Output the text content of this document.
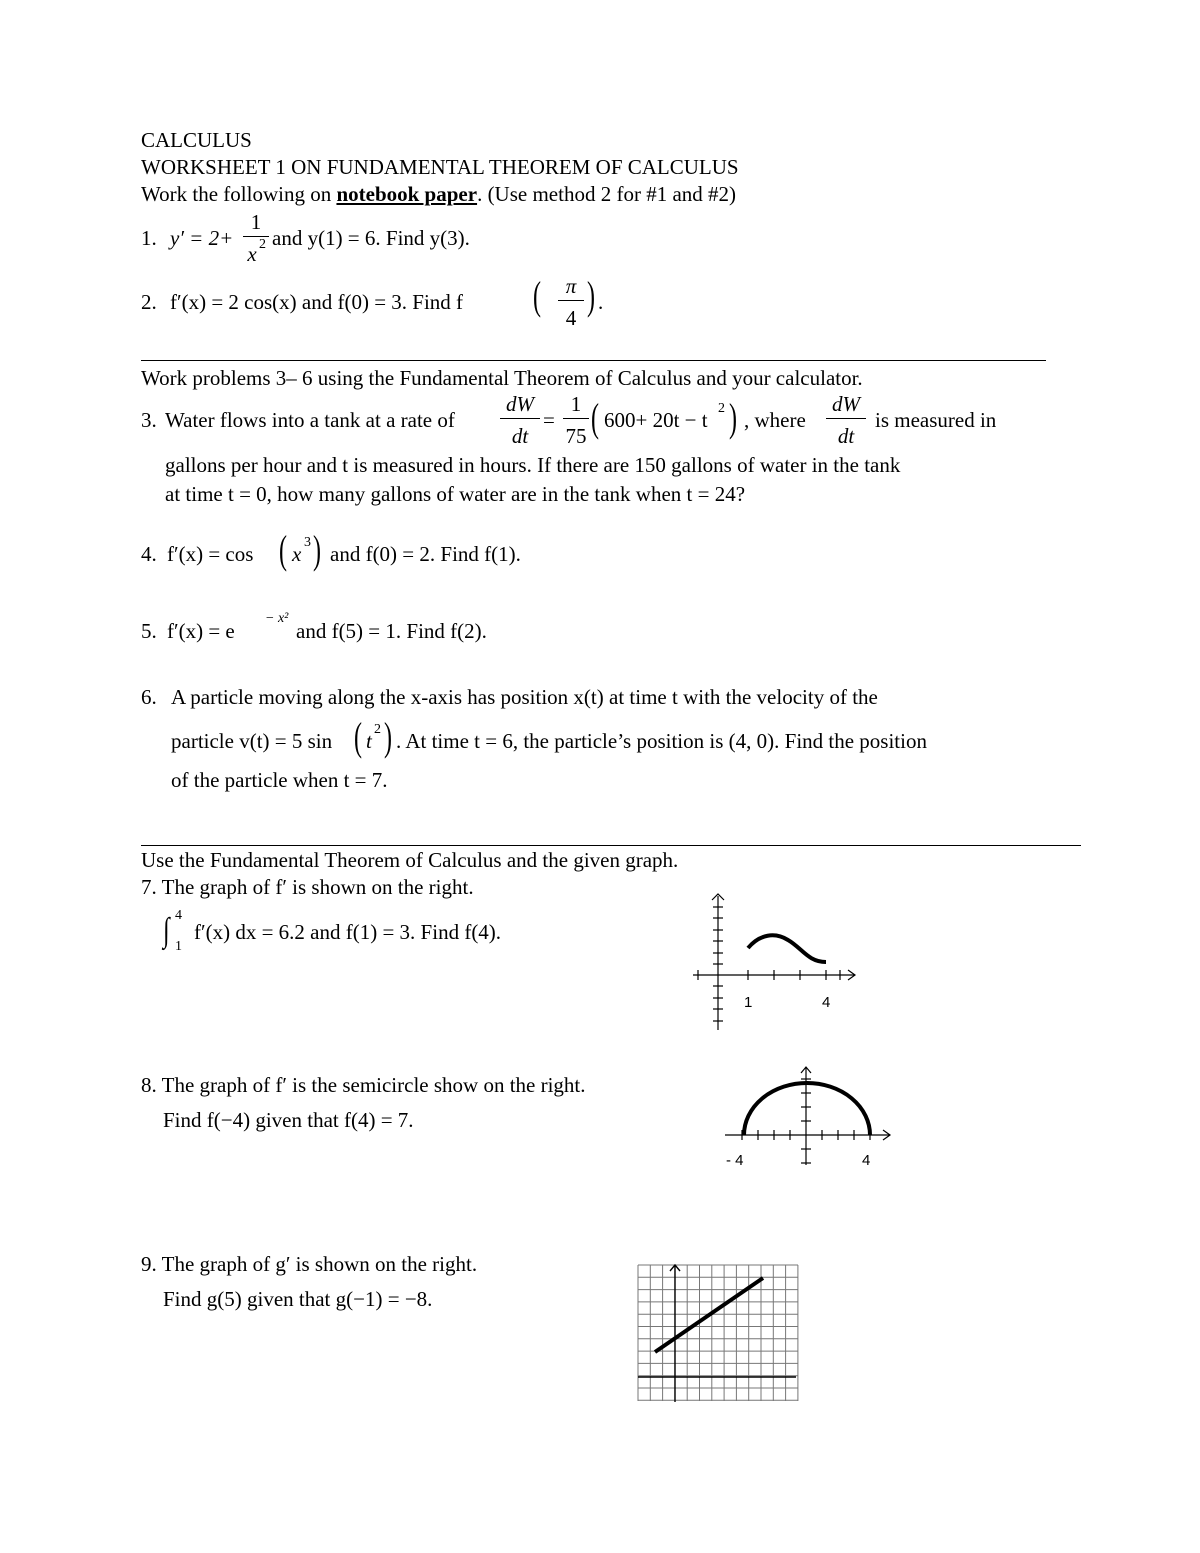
CALCULUS
WORKSHEET 1 ON FUNDAMENTAL THEOREM OF CALCULUS
Work the following on notebook paper. (Use method 2 for #1 and #2)
1. y′ = 2+
1
x 2 and y(1) = 6. Find y(3).
2. f′(x) = 2 cos(x) and f(0) = 3. Find f (	π
4 ) .
Work problems 3– 6 using the Fundamental Theorem of Calculus and your calculator.
3. Water flows into a tank at a rate of
dW
dt
=
1
75 ( 600+ 20t − t 2 ) , where
dW
dt
is measured in
gallons per hour and t is measured in hours. If there are 150 gallons of water in the tank
at time t = 0, how many gallons of water are in the tank when t = 24?
4. f′(x) = cos ( x 3 ) and f(0) = 2. Find f(1).
5. f′(x) = e
− x²
and f(5) = 1. Find f(2).
6. A particle moving along the x-axis has position x(t) at time t with the velocity of the
particle v(t) = 5 sin ( t 2 ) . At time t = 6, the particle’s position is (4, 0). Find the position
of the particle when t = 7.
Use the Fundamental Theorem of Calculus and the given graph.
7. The graph of f′ is shown on the right.
∫ 4
1
f′(x) dx = 6.2 and f(1) = 3. Find f(4).
1	4
8. The graph of f′ is the semicircle show on the right.
Find f(−4) given that f(4) = 7.
- 4	4
9. The graph of g′ is shown on the right.
Find g(5) given that g(−1) = −8.
